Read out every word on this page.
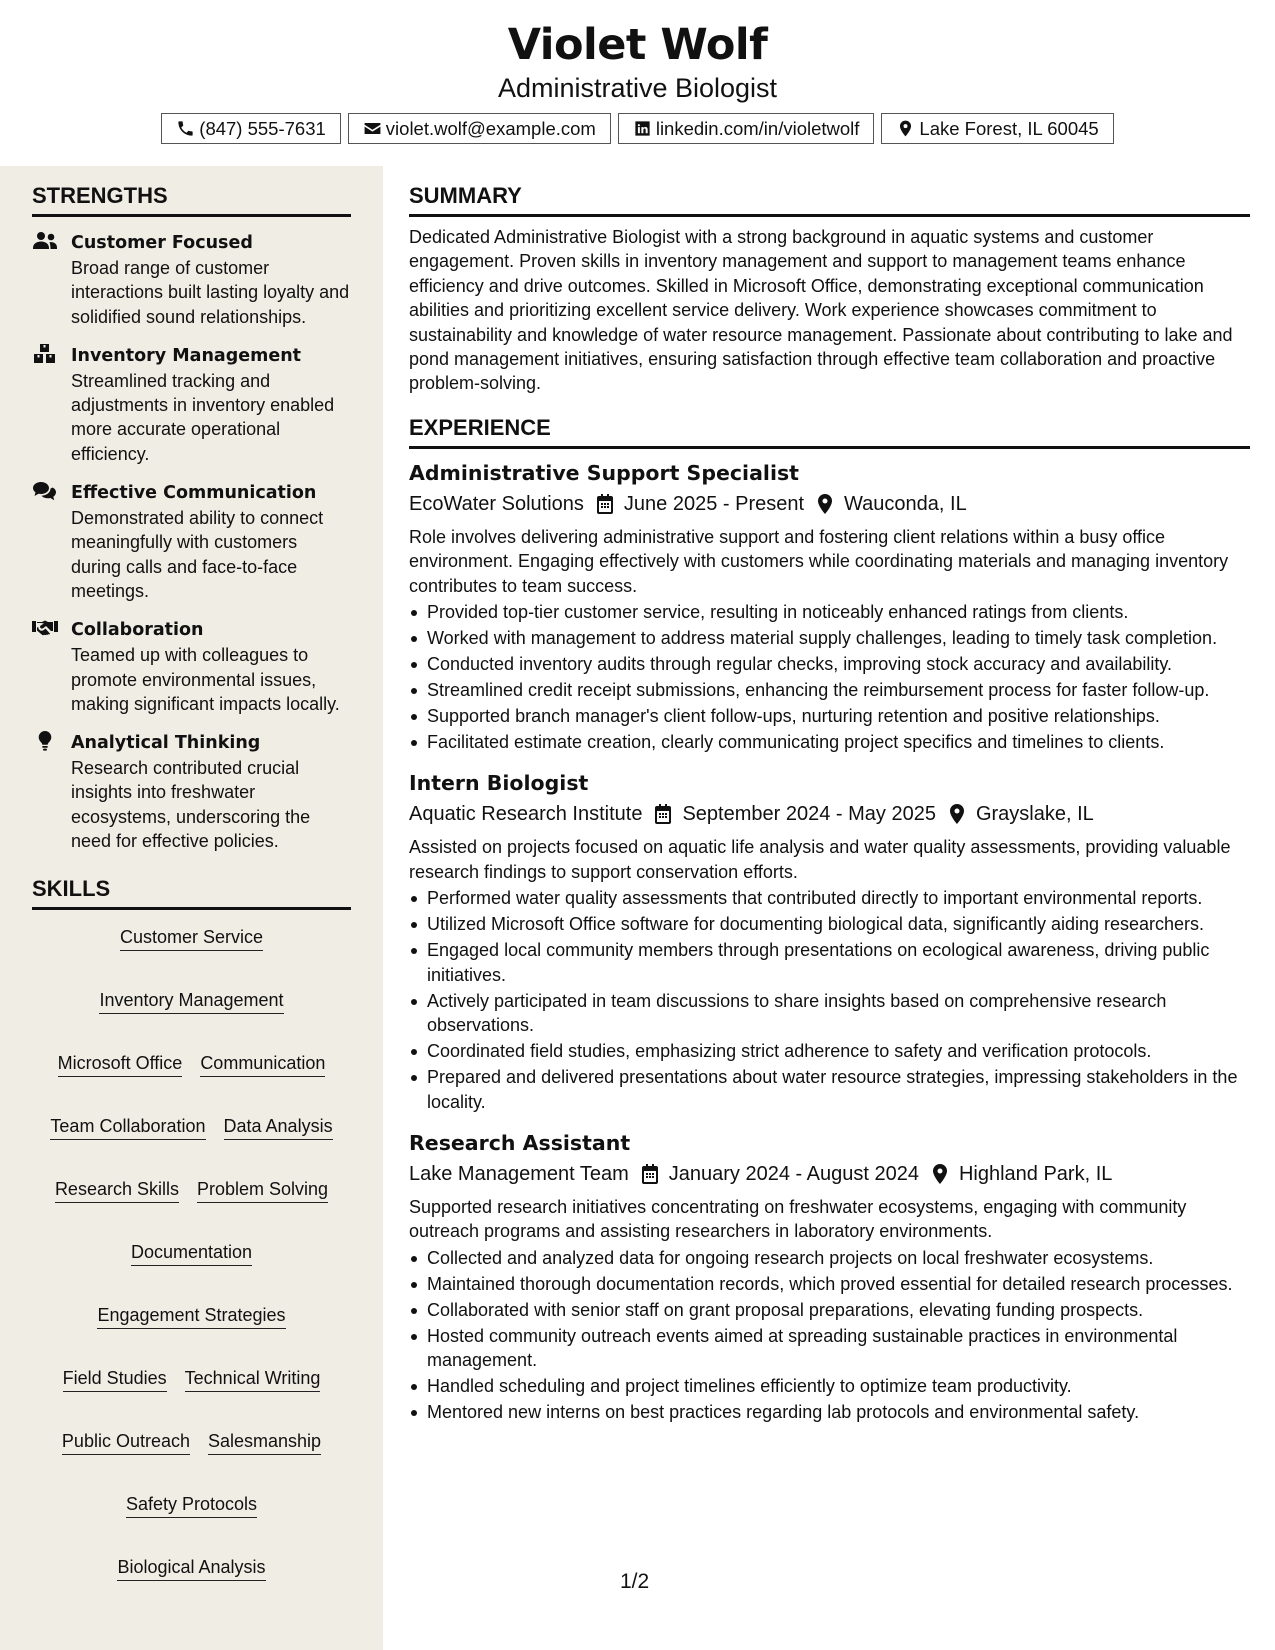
Violet Wolf
Administrative Biologist
(847) 555-7631	violet.wolf@example.com	linkedin.com/in/violetwolf	Lake Forest, IL 60045
STRENGTHS
Customer Focused
Broad range of customer interactions built lasting loyalty and solidified sound relationships.
Inventory Management
Streamlined tracking and adjustments in inventory enabled more accurate operational efficiency.
Effective Communication
Demonstrated ability to connect meaningfully with customers during calls and face-to-face meetings.
Collaboration
Teamed up with colleagues to promote environmental issues, making significant impacts locally.
Analytical Thinking
Research contributed crucial insights into freshwater ecosystems, underscoring the need for effective policies.
SKILLS
Customer Service
Inventory Management
Microsoft Office Communication
Team Collaboration Data Analysis
Research Skills Problem Solving
Documentation
Engagement Strategies
Field Studies Technical Writing
Public Outreach Salesmanship
Safety Protocols
Biological Analysis
SUMMARY
Dedicated Administrative Biologist with a strong background in aquatic systems and customer engagement. Proven skills in inventory management and support to management teams enhance efficiency and drive outcomes. Skilled in Microsoft Office, demonstrating exceptional communication abilities and prioritizing excellent service delivery. Work experience showcases commitment to sustainability and knowledge of water resource management. Passionate about contributing to lake and pond management initiatives, ensuring satisfaction through effective team collaboration and proactive problem-solving.
EXPERIENCE
Administrative Support Specialist
EcoWater Solutions June 2025 - Present Wauconda, IL
Role involves delivering administrative support and fostering client relations within a busy office environment. Engaging effectively with customers while coordinating materials and managing inventory contributes to team success.
Provided top-tier customer service, resulting in noticeably enhanced ratings from clients.
Worked with management to address material supply challenges, leading to timely task completion.
Conducted inventory audits through regular checks, improving stock accuracy and availability.
Streamlined credit receipt submissions, enhancing the reimbursement process for faster follow-up.
Supported branch manager's client follow-ups, nurturing retention and positive relationships.
Facilitated estimate creation, clearly communicating project specifics and timelines to clients.
Intern Biologist
Aquatic Research Institute September 2024 - May 2025 Grayslake, IL
Assisted on projects focused on aquatic life analysis and water quality assessments, providing valuable research findings to support conservation efforts.
Performed water quality assessments that contributed directly to important environmental reports.
Utilized Microsoft Office software for documenting biological data, significantly aiding researchers.
Engaged local community members through presentations on ecological awareness, driving public initiatives.
Actively participated in team discussions to share insights based on comprehensive research observations.
Coordinated field studies, emphasizing strict adherence to safety and verification protocols.
Prepared and delivered presentations about water resource strategies, impressing stakeholders in the locality.
Research Assistant
Lake Management Team January 2024 - August 2024 Highland Park, IL
Supported research initiatives concentrating on freshwater ecosystems, engaging with community outreach programs and assisting researchers in laboratory environments.
Collected and analyzed data for ongoing research projects on local freshwater ecosystems.
Maintained thorough documentation records, which proved essential for detailed research processes.
Collaborated with senior staff on grant proposal preparations, elevating funding prospects.
Hosted community outreach events aimed at spreading sustainable practices in environmental management.
Handled scheduling and project timelines efficiently to optimize team productivity.
Mentored new interns on best practices regarding lab protocols and environmental safety.
1/2
